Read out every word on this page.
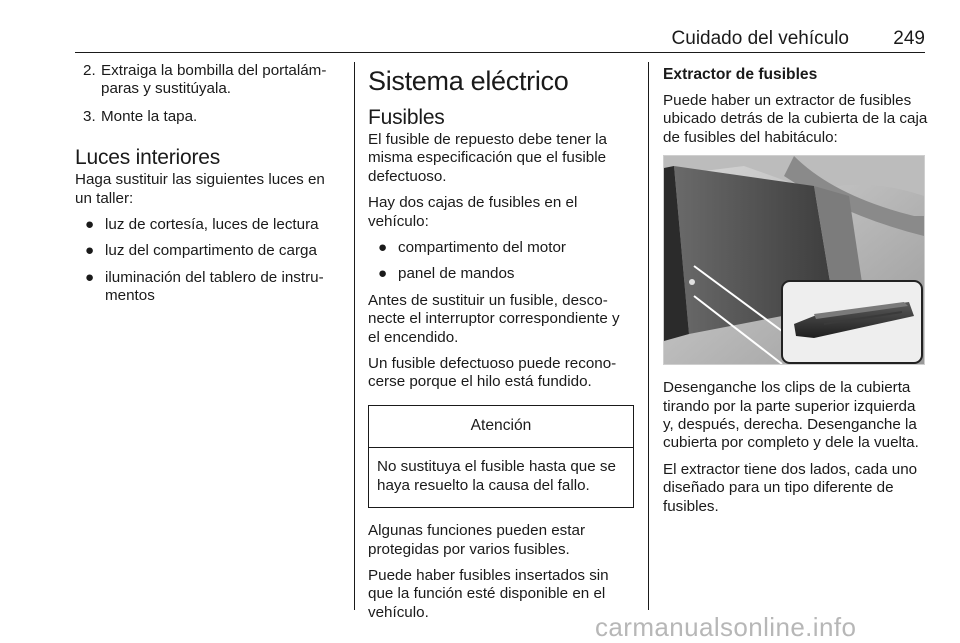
Cuidado del vehículo 249
2. Extraiga la bombilla del portalámparas y sustitúyala.
3. Monte la tapa.
Luces interiores

Haga sustituir las siguientes luces en un taller:

● luz de cortesía, luces de lectura
● luz del compartimento de carga
● iluminación del tablero de instrumentos
Sistema eléctrico
Fusibles

El fusible de repuesto debe tener la misma especificación que el fusible defectuoso.

Hay dos cajas de fusibles en el vehículo:

● compartimento del motor
● panel de mandos

Antes de sustituir un fusible, desconecte el interruptor correspondiente y el encendido.

Un fusible defectuoso puede reconocerse porque el hilo está fundido.

Atención
No sustituya el fusible hasta que se haya resuelto la causa del fallo.

Algunas funciones pueden estar protegidas por varios fusibles.

Puede haber fusibles insertados sin que la función esté disponible en el vehículo.

Extractor de fusibles

Puede haber un extractor de fusibles ubicado detrás de la cubierta de la caja de fusibles del habitáculo:

Desenganche los clips de la cubierta tirando por la parte superior izquierda y, después, derecha. Desenganche la cubierta por completo y dele la vuelta.

El extractor tiene dos lados, cada uno diseñado para un tipo diferente de fusibles.

carmanualsonline.info
